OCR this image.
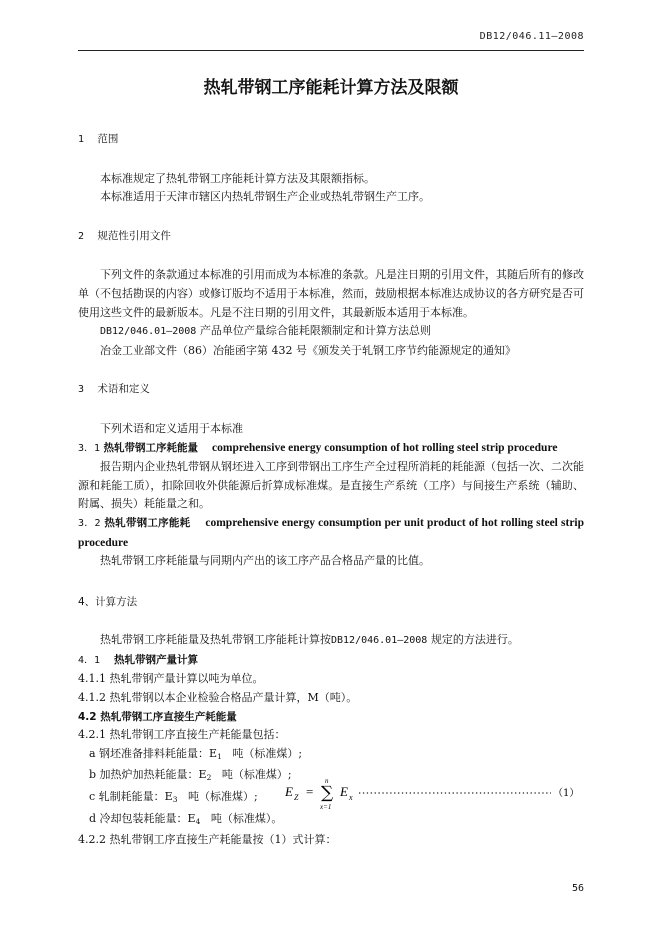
DB12/046.11—2008
热轧带钢工序能耗计算方法及限额

1 范围

本标准规定了热轧带钢工序能耗计算方法及其限额指标。

本标准适用于天津市辖区内热轧带钢生产企业或热轧带钢生产工序。

2 规范性引用文件

下列文件的条款通过本标准的引用而成为本标准的条款。凡是注日期的引用文件，其随后所有的修改单（不包括勘误的内容）或修订版均不适用于本标准，然而，鼓励根据本标准达成协议的各方研究是否可使用这些文件的最新版本。凡是不注日期的引用文件，其最新版本适用于本标准。

DB12/046.01—2008 产品单位产量综合能耗限额制定和计算方法总则

冶金工业部文件（86）冶能函字第 432 号《颁发关于轧钢工序节约能源规定的通知》

3 术语和定义

下列术语和定义适用于本标准

3．1 热轧带钢工序耗能量 comprehensive energy consumption of hot rolling steel strip procedure

报告期内企业热轧带钢从钢坯进入工序到带钢出工序生产全过程所消耗的耗能源（包括一次、二次能源和耗能工质），扣除回收外供能源后折算成标准煤。是直接生产系统（工序）与间接生产系统（辅助、附属、损失）耗能量之和。

3．2 热轧带钢工序能耗 comprehensive energy consumption per unit product of hot rolling steel strip procedure

热轧带钢工序耗能量与同期内产出的该工序产品合格品产量的比值。

4、计算方法

热轧带钢工序耗能量及热轧带钢工序能耗计算按DB12/046.01—2008 规定的方法进行。

4．1 热轧带钢产量计算

4.1.1 热轧带钢产量计算以吨为单位。

4.1.2 热轧带钢以本企业检验合格品产量计算，M（吨）。

4.2 热轧带钢工序直接生产耗能量

4.2.1 热轧带钢工序直接生产耗能量包括：

a 钢坯准备排料耗能量：$E_1$ 吨（标准煤）;

b 加热炉加热耗能量：$E_2$ 吨（标准煤）;

c 轧制耗能量：$E_3$ 吨（标准煤）;

d 冷却包装耗能量：$E_4$ 吨（标准煤）。

4.2.2 热轧带钢工序直接生产耗能量按（1）式计算：

E Z = ∑
n
x=1
E x	（1）
56
